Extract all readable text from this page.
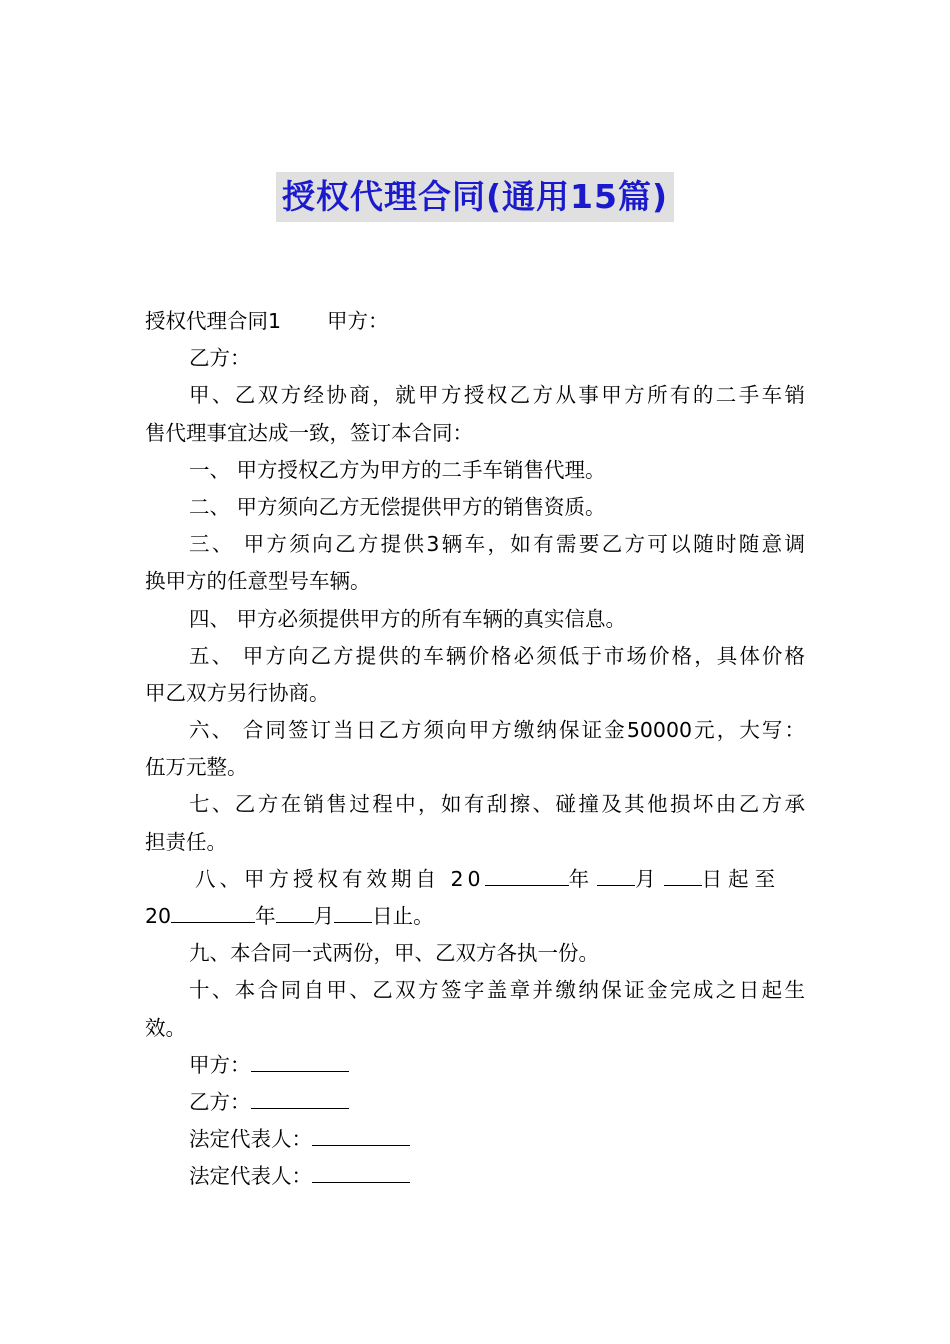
授权代理合同(通用15篇)
授权代理合同1 甲方：
乙方：
甲、乙双方经协商，就甲方授权乙方从事甲方所有的二手车销
售代理事宜达成一致，签订本合同：
一、 甲方授权乙方为甲方的二手车销售代理。
二、 甲方须向乙方无偿提供甲方的销售资质。
三、 甲方须向乙方提供3辆车，如有需要乙方可以随时随意调
换甲方的任意型号车辆。
四、 甲方必须提供甲方的所有车辆的真实信息。
五、 甲方向乙方提供的车辆价格必须低于市场价格，具体价格
甲乙双方另行协商。
六、 合同签订当日乙方须向甲方缴纳保证金50000元，大写：
伍万元整。
七、乙方在销售过程中，如有刮擦、碰撞及其他损坏由乙方承
担责任。
八、甲方授权有效期自 20	年 月 日起至
20	年 月 日止。
九、本合同一式两份，甲、乙双方各执一份。
十、本合同自甲、乙双方签字盖章并缴纳保证金完成之日起生
效。
甲方：
乙方：
法定代表人：
法定代表人：
